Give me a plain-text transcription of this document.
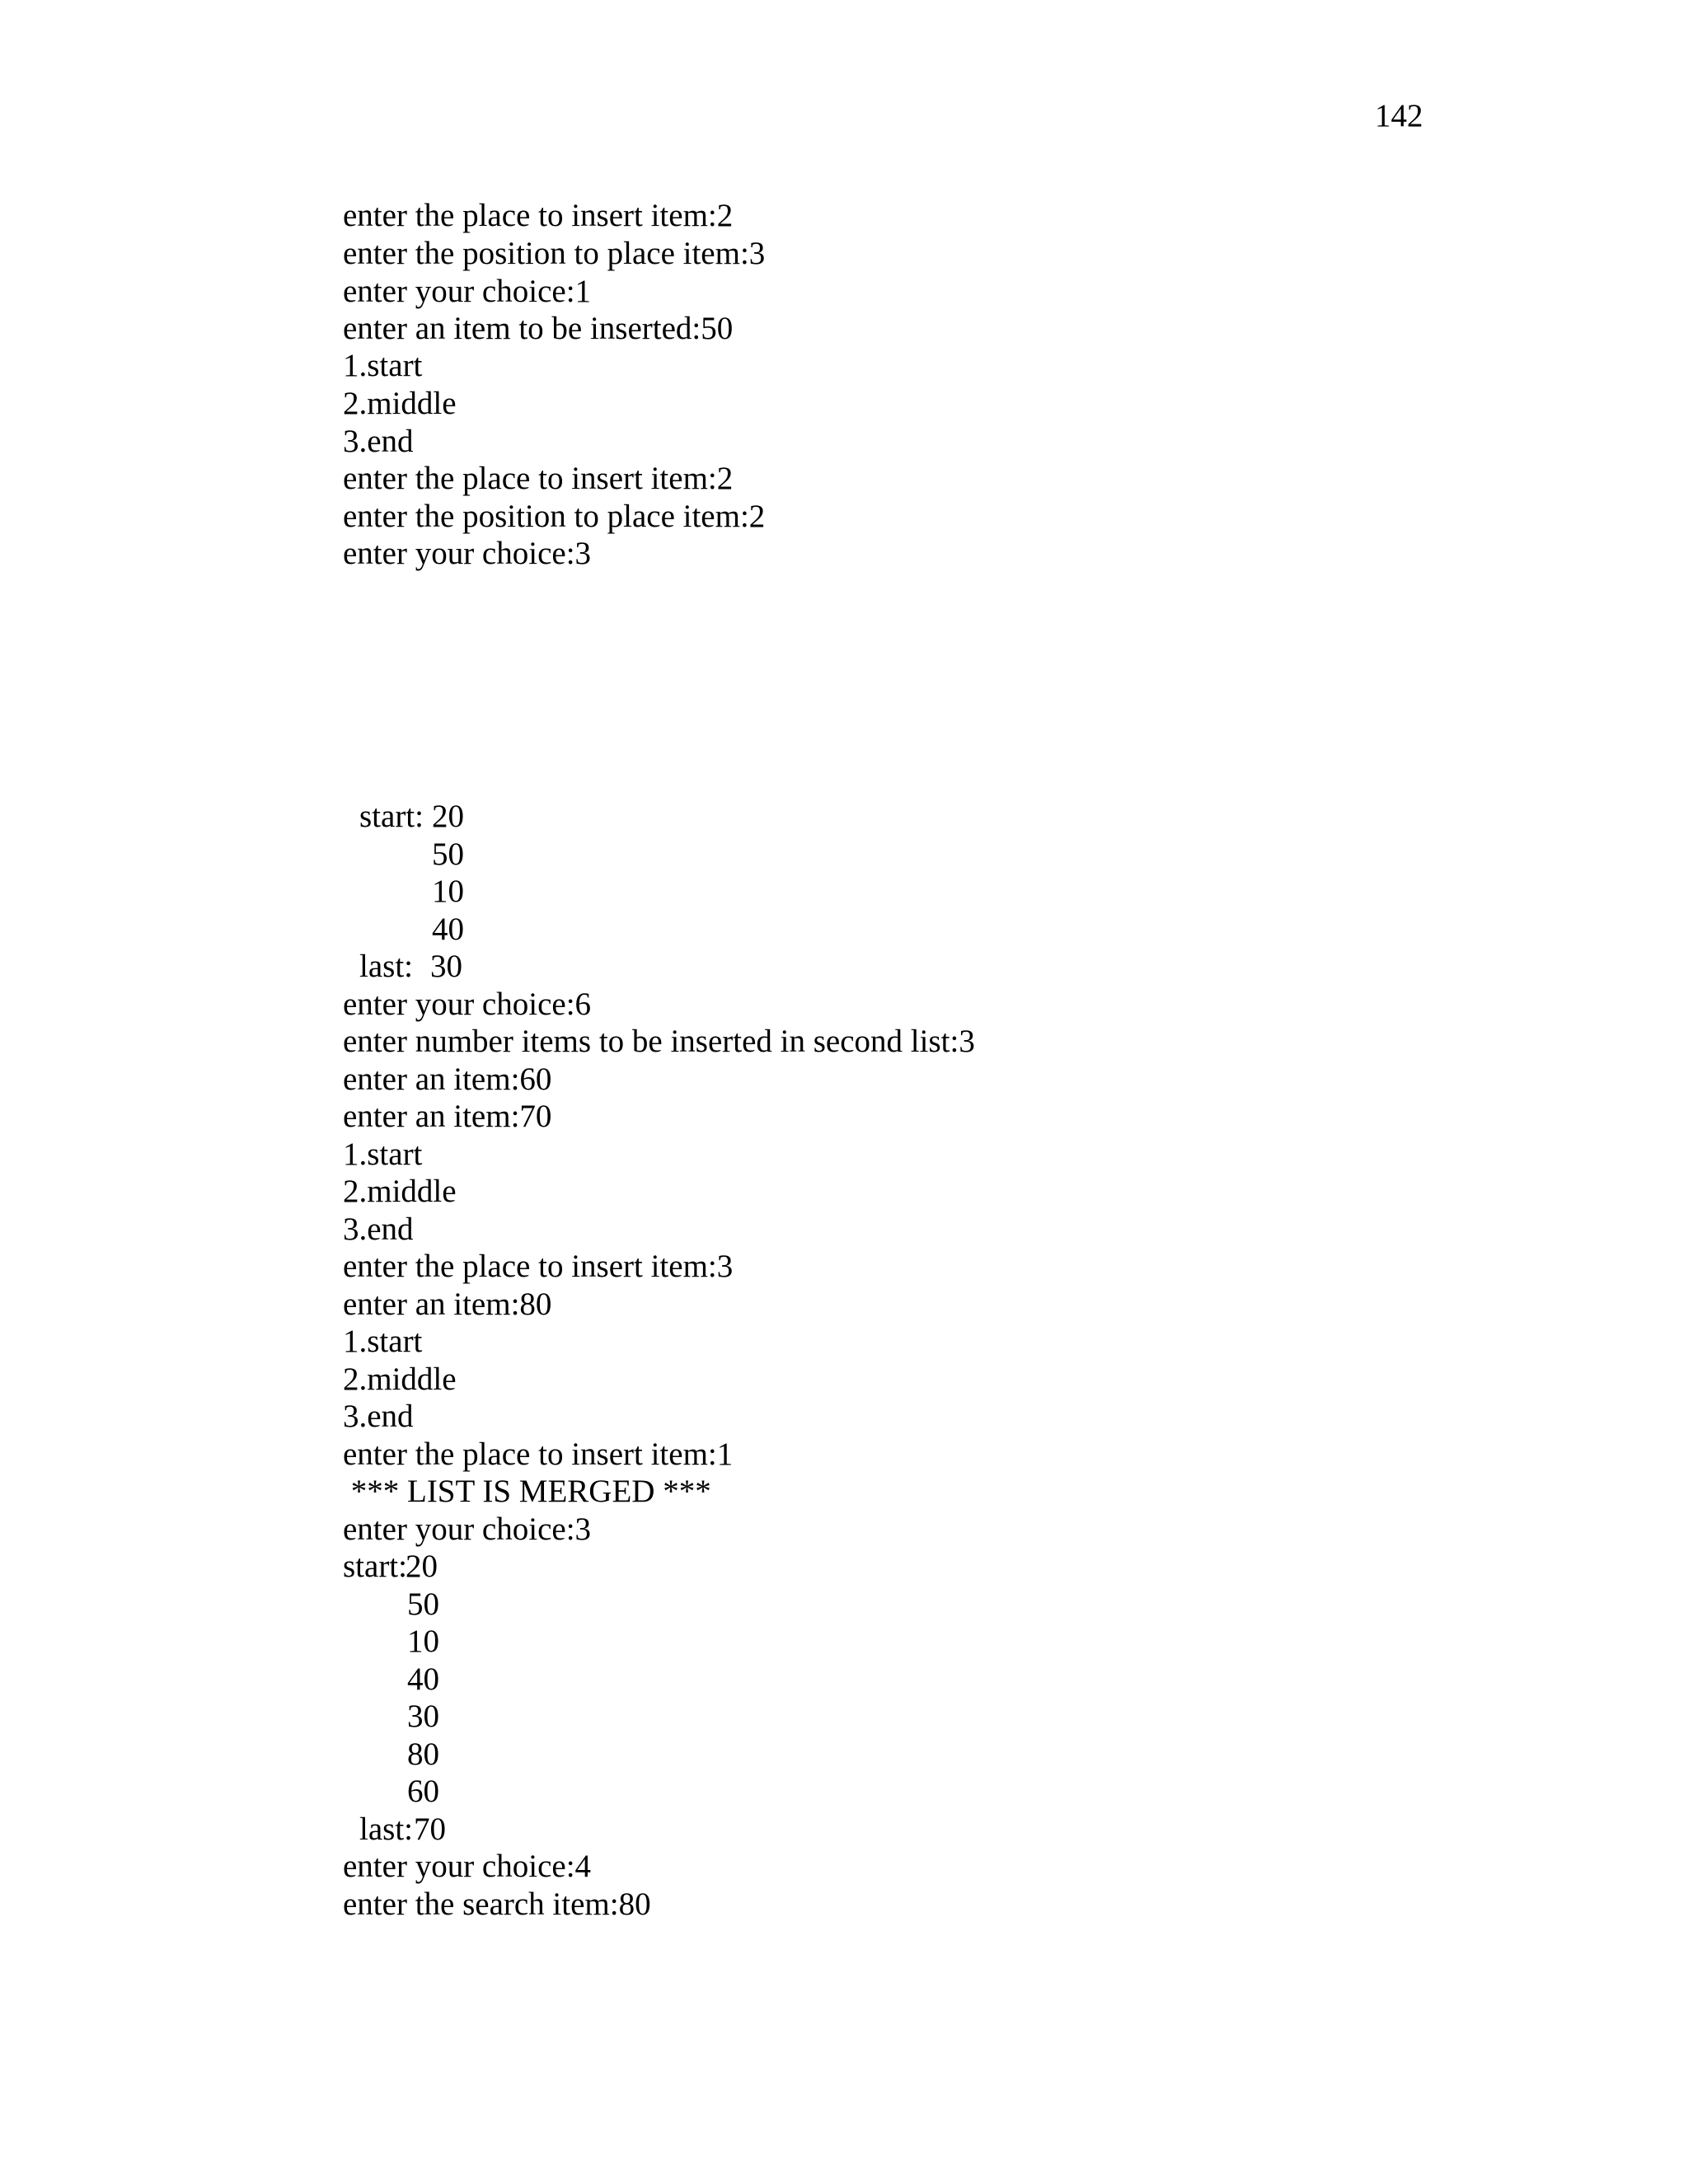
142
enter the place to insert item:2
enter the position to place item:3
enter your choice:1
enter an item to be inserted:50
1.start
2.middle
3.end
enter the place to insert item:2
enter the position to place item:2
enter your choice:3
start: 20
50
10
40
last: 30
enter your choice:6
enter number items to be inserted in second list:3
enter an item:60
enter an item:70
1.start
2.middle
3.end
enter the place to insert item:3
enter an item:80
1.start
2.middle
3.end
enter the place to insert item:1
*** LIST IS MERGED ***
enter your choice:3
start:
20
50
10
40
30
80
60
last: 70
enter your choice:4
enter the search item:80
